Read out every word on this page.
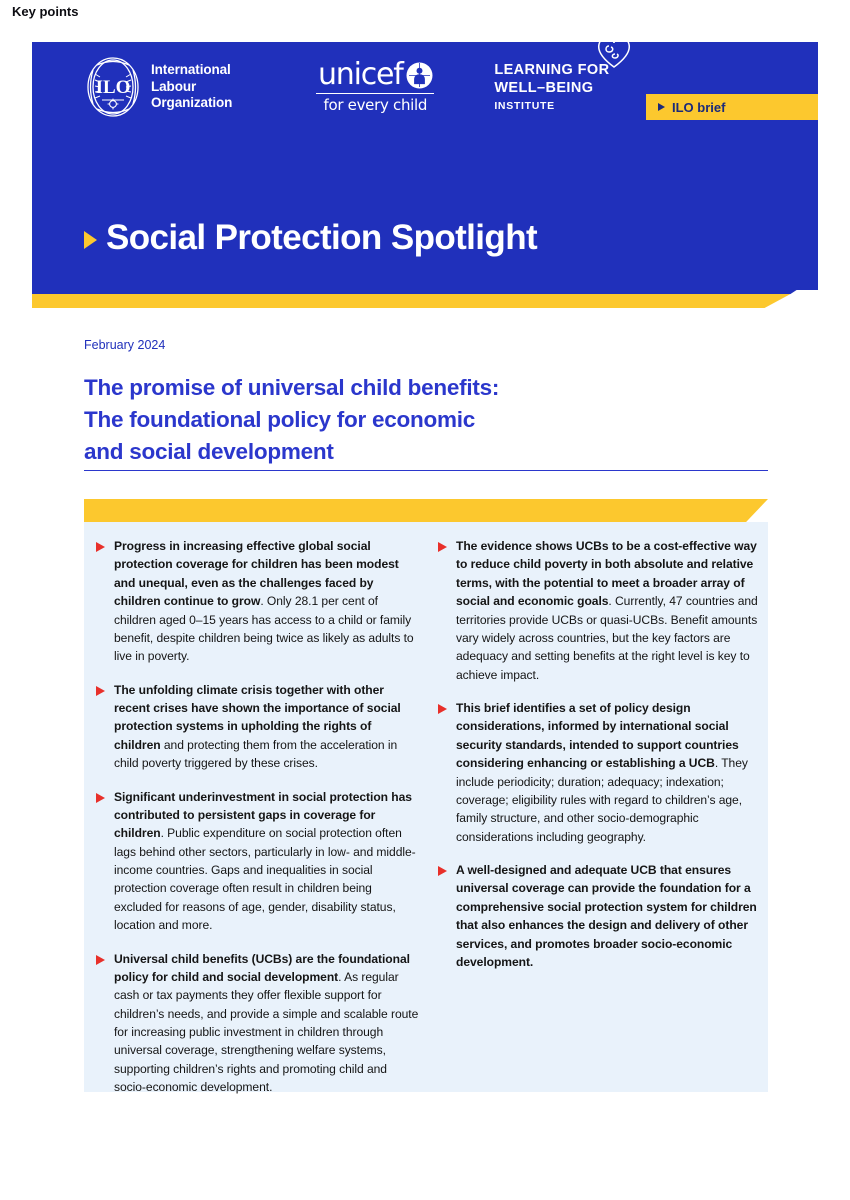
ILO
International
Labour
Organization
unicef
for every child
LEARNING FOR
WELL–BEING
INSTITUTE	ILO brief
Social Protection Spotlight
February 2024
The promise of universal child benefits:
The foundational policy for economic
and social development
Key points
Progress in increasing effective global social protection coverage for children has been modest and unequal, even as the challenges faced by children continue to grow. Only 28.1 per cent of children aged 0–15 years has access to a child or family benefit, despite children being twice as likely as adults to live in poverty.
The unfolding climate crisis together with other recent crises have shown the importance of social protection systems in upholding the rights of children and protecting them from the acceleration in child poverty triggered by these crises.
Significant underinvestment in social protection has contributed to persistent gaps in coverage for children. Public expenditure on social protection often lags behind other sectors, particularly in low- and middle-income countries. Gaps and inequalities in social protection coverage often result in children being excluded for reasons of age, gender, disability status, location and more.
Universal child benefits (UCBs) are the foundational policy for child and social development. As regular cash or tax payments they offer flexible support for children’s needs, and provide a simple and scalable route for increasing public investment in children through universal coverage, strengthening welfare systems, supporting children’s rights and promoting child and socio-economic development.
The evidence shows UCBs to be a cost-effective way to reduce child poverty in both absolute and relative terms, with the potential to meet a broader array of social and economic goals. Currently, 47 countries and territories provide UCBs or quasi-UCBs. Benefit amounts vary widely across countries, but the key factors are adequacy and setting benefits at the right level is key to achieve impact.
This brief identifies a set of policy design considerations, informed by international social security standards, intended to support countries considering enhancing or establishing a UCB. They include periodicity; duration; adequacy; indexation; coverage; eligibility rules with regard to children’s age, family structure, and other socio-demographic considerations including geography.
A well-designed and adequate UCB that ensures universal coverage can provide the foundation for a comprehensive social protection system for children that also enhances the design and delivery of other services, and promotes broader socio-economic development.
